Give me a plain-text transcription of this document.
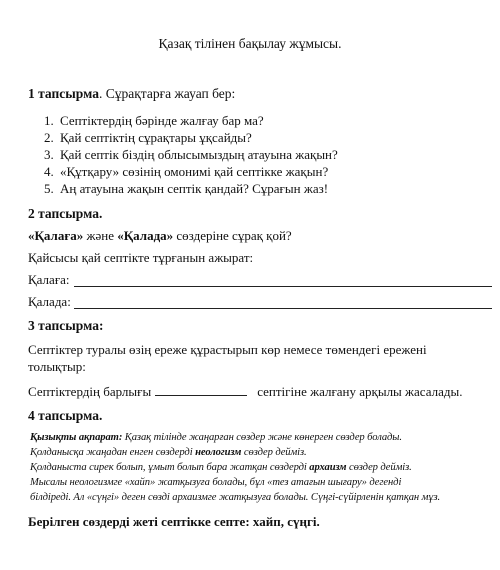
Қазақ тілінен бақылау жұмысы.
1 тапсырма. Сұрақтарға жауап бер:
1. Септіктердің бәрінде жалғау бар ма?
2. Қай септіктің сұрақтары ұқсайды?
3. Қай септік біздің облысымыздың атауына жақын?
4. «Құтқару» сөзінің омонимі қай септікке жақын?
5. Аң атауына жақын септік қандай? Сұрағын жаз!
2 тапсырма.
«Қалаға» және «Қалада» сөздеріне сұрақ қой?
Қайсысы қай септікте тұрғанын ажырат:
Қалаға:
Қалада:
3 тапсырма:
Септіктер туралы өзің ереже құрастырып көр немесе төмендегі ережені
толықтыр:
Септіктердің барлығы	септігіне жалғану арқылы жасалады.
4 тапсырма.
Қызықты ақпарат: Қазақ тілінде жаңарған сөздер және көнерген сөздер болады.
Қолданысқа жаңадан енген сөздерді неологизм сөздер дейміз.
Қолданыста сирек болып, ұмыт болып бара жатқан сөздерді архаизм сөздер дейміз.
Мысалы неологизмге «хайп» жатқызуға болады, бұл «тез атағын шығару» дегенді
білдіреді. Ал «сүңгі» деген сөзді архаизмге жатқызуға болады. Сүңгі-сүйірленін қатқан мұз.
Берілген сөздерді жеті септікке септе: хайп, сүңгі.
